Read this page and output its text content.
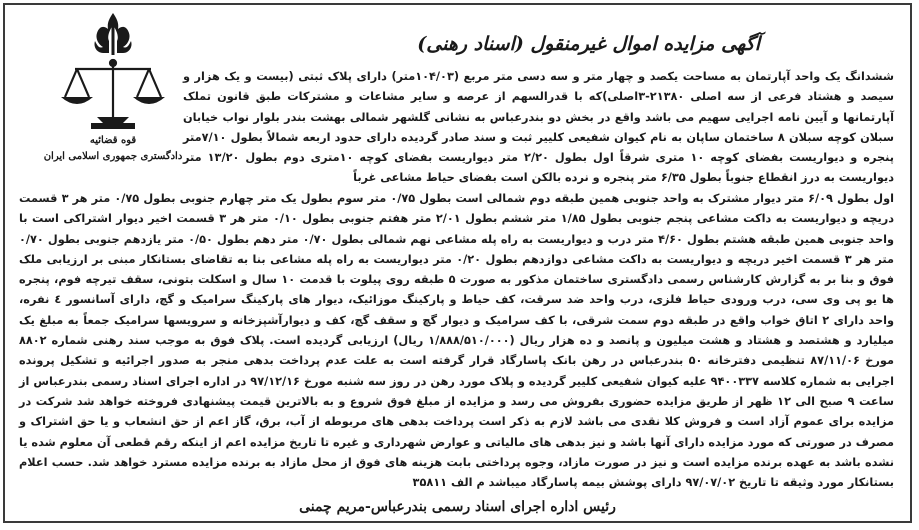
قوه قضائیه
دادگستری جمهوری اسلامی ایران
آگهی مزایده اموال غیرمنقول (اسناد رهنی)
ششدانگ یک واحد آپارتمان به مساحت یکصد و چهار متر و سه دسی متر مربع (۱۰۴/۰۳متر) دارای پلاک ثبتی (بیست و یک هزار و سیصد و هشتاد فرعی از سه اصلی ۲۱۳۸۰-۳اصلی)که با قدرالسهم از عرصه و سایر مشاعات و مشترکات طبق قانون تملک آپارتمانها و آیین نامه اجرایی سهیم می باشد واقع در بخش دو بندرعباس به نشانی گلشهر شمالی بهشت بندر بلوار نواب خیابان سبلان کوچه سبلان ۸ ساختمان ساپان به نام کیوان شفیعی کلییر ثبت و سند صادر گردیده دارای حدود اربعه شمالاً بطول ۷/۱۰متر پنجره و دیواریست بفضای کوچه ۱۰ متری شرقاً اول بطول ۲/۲۰ متر دیواریست بفضای کوچه ۱۰متری دوم بطول ۱۳/۲۰ متر دیواریست به درز انقطاع جنوباً بطول ۶/۳۵ متر پنجره و نرده بالکن است بفضای حیاط مشاعی غرباً
اول بطول ۶/۰۹ متر دیوار مشترک به واحد جنوبی همین طبقه دوم شمالی است بطول ۰/۷۵ متر سوم بطول یک متر چهارم جنوبی بطول ۰/۷۵ متر هر ۳ قسمت دریچه و دیواریست به داکت مشاعی پنجم جنوبی بطول ۱/۸۵ متر ششم بطول ۲/۰۱ متر هفتم جنوبی بطول ۰/۱۰ متر هر ۳ قسمت اخیر دیوار اشتراکی است با واحد جنوبی همین طبقه هشتم بطول ۴/۶۰ متر درب و دیواریست به راه پله مشاعی نهم شمالی بطول ۰/۷۰ متر دهم بطول ۰/۵۰ متر یازدهم جنوبی بطول ۰/۷۰ متر هر ۳ قسمت اخیر دریچه و دیواریست به داکت مشاعی دوازدهم بطول ۰/۲۰ متر دیواریست به راه پله مشاعی بنا به تقاضای بستانکار مبنی بر ارزیابی ملک فوق و بنا بر به گزارش کارشناس رسمی دادگستری ساختمان مذکور به صورت ۵ طبقه روی پیلوت با قدمت ۱۰ سال و اسکلت بتونی، سقف تیرچه فوم، پنجره ها یو پی وی سی، درب ورودی حیاط فلزی، درب واحد ضد سرقت، کف حیاط و پارکینگ موزائیک، دیوار های پارکینگ سرامیک و گچ، دارای آسانسور ٤ نفره، واحد دارای ۲ اتاق خواب واقع در طبقه دوم سمت شرقی، با کف سرامیک و دیوار گچ و سقف گچ، کف و دیوارآشپزخانه و سرویسها سرامیک جمعاً به مبلغ یک میلیارد و هشتصد و هشتاد و هشت میلیون و پانصد و ده هزار ریال (۱/۸۸۸/۵۱۰/۰۰۰ ریال) ارزیابی گردیده است. پلاک فوق به موجب سند رهنی شماره ۸۸۰۲ مورخ ۸۷/۱۱/۰۶ تنظیمی دفترخانه ۵۰ بندرعباس در رهن بانک پاسارگاد قرار گرفته است به علت عدم پرداخت بدهی منجر به صدور اجرائیه و تشکیل پرونده اجرایی به شماره کلاسه ۹۴۰۰۳۳۷ علیه کیوان شفیعی کلییر گردیده و پلاک مورد رهن در روز سه شنبه مورخ ۹۷/۱۲/۱۶ در اداره اجرای اسناد رسمی بندرعباس از ساعت ۹ صبح الی ۱۲ ظهر از طریق مزایده حضوری بفروش می رسد و مزایده از مبلغ فوق شروع و به بالاترین قیمت پیشنهادی فروخته خواهد شد شرکت در مزایده برای عموم آزاد است و فروش کلا نقدی می باشد لازم به ذکر است پرداخت بدهی های مربوطه از آب، برق، گاز اعم از حق انشعاب و یا حق اشتراک و مصرف در صورتی که مورد مزایده دارای آنها باشد و نیز بدهی های مالیاتی و عوارض شهرداری و غیره تا تاریخ مزایده اعم از اینکه رقم قطعی آن معلوم شده یا نشده باشد به عهده برنده مزایده است و نیز در صورت مازاد، وجوه پرداختی بابت هزینه های فوق از محل مازاد به برنده مزایده مسترد خواهد شد. حسب اعلام بستانکار مورد وثیقه تا تاریخ ۹۷/۰۷/۰۲ دارای پوشش بیمه پاسارگاد میباشد م الف ۳۵۸۱۱
رئیس اداره اجرای اسناد رسمی بندرعباس-مریم چمنی
